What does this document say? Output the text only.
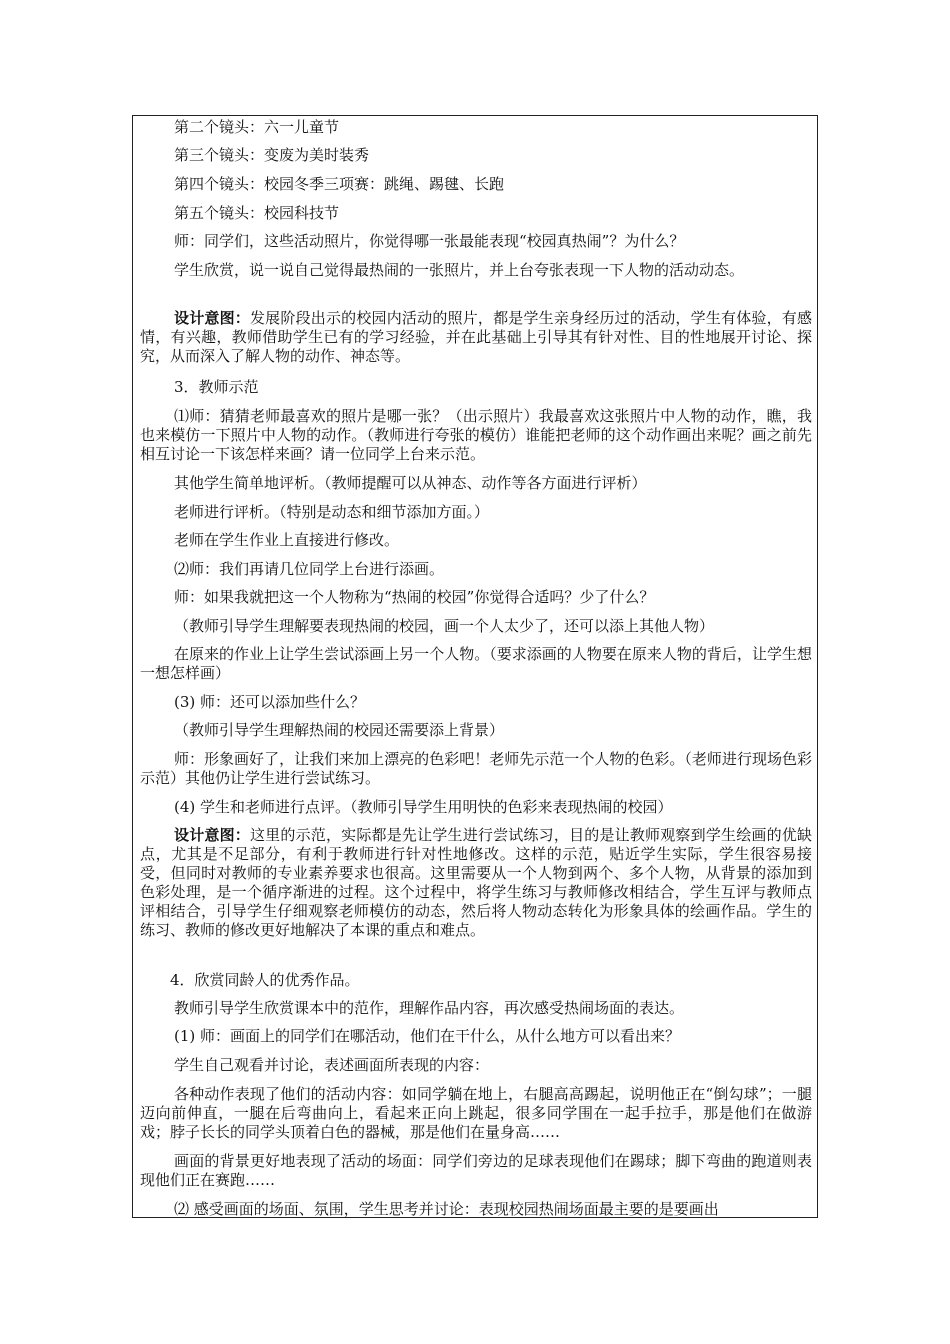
第二个镜头：六一儿童节

第三个镜头：变废为美时装秀

第四个镜头：校园冬季三项赛：跳绳、踢毽、长跑

第五个镜头：校园科技节

师：同学们，这些活动照片，你觉得哪一张最能表现“校园真热闹”？为什么？

学生欣赏，说一说自己觉得最热闹的一张照片，并上台夸张表现一下人物的活动动态。

设计意图：发展阶段出示的校园内活动的照片，都是学生亲身经历过的活动，学生有体验，有感情，有兴趣，教师借助学生已有的学习经验，并在此基础上引导其有针对性、目的性地展开讨论、探究，从而深入了解人物的动作、神态等。

3．教师示范

⑴师：猜猜老师最喜欢的照片是哪一张？（出示照片）我最喜欢这张照片中人物的动作，瞧，我也来模仿一下照片中人物的动作。（教师进行夸张的模仿）谁能把老师的这个动作画出来呢？画之前先相互讨论一下该怎样来画？请一位同学上台来示范。

其他学生简单地评析。（教师提醒可以从神态、动作等各方面进行评析）

老师进行评析。（特别是动态和细节添加方面。）

老师在学生作业上直接进行修改。

⑵师：我们再请几位同学上台进行添画。

师：如果我就把这一个人物称为“热闹的校园”你觉得合适吗？少了什么？

（教师引导学生理解要表现热闹的校园，画一个人太少了，还可以添上其他人物）

在原来的作业上让学生尝试添画上另一个人物。（要求添画的人物要在原来人物的背后，让学生想一想怎样画）

(3) 师：还可以添加些什么？

（教师引导学生理解热闹的校园还需要添上背景）

师：形象画好了，让我们来加上漂亮的色彩吧！老师先示范一个人物的色彩。（老师进行现场色彩示范）其他仍让学生进行尝试练习。

(4) 学生和老师进行点评。（教师引导学生用明快的色彩来表现热闹的校园）

设计意图：这里的示范，实际都是先让学生进行尝试练习，目的是让教师观察到学生绘画的优缺点，尤其是不足部分，有利于教师进行针对性地修改。这样的示范，贴近学生实际，学生很容易接受，但同时对教师的专业素养要求也很高。这里需要从一个人物到两个、多个人物，从背景的添加到色彩处理，是一个循序渐进的过程。这个过程中，将学生练习与教师修改相结合，学生互评与教师点评相结合，引导学生仔细观察老师模仿的动态，然后将人物动态转化为形象具体的绘画作品。学生的练习、教师的修改更好地解决了本课的重点和难点。

4．欣赏同龄人的优秀作品。

教师引导学生欣赏课本中的范作，理解作品内容，再次感受热闹场面的表达。

(1) 师：画面上的同学们在哪活动，他们在干什么，从什么地方可以看出来？

学生自己观看并讨论，表述画面所表现的内容：

各种动作表现了他们的活动内容：如同学躺在地上，右腿高高踢起，说明他正在“倒勾球”；一腿迈向前伸直，一腿在后弯曲向上，看起来正向上跳起，很多同学围在一起手拉手，那是他们在做游戏；脖子长长的同学头顶着白色的器械，那是他们在量身高……

画面的背景更好地表现了活动的场面：同学们旁边的足球表现他们在踢球；脚下弯曲的跑道则表现他们正在赛跑……

⑵ 感受画面的场面、氛围，学生思考并讨论：表现校园热闹场面最主要的是要画出
